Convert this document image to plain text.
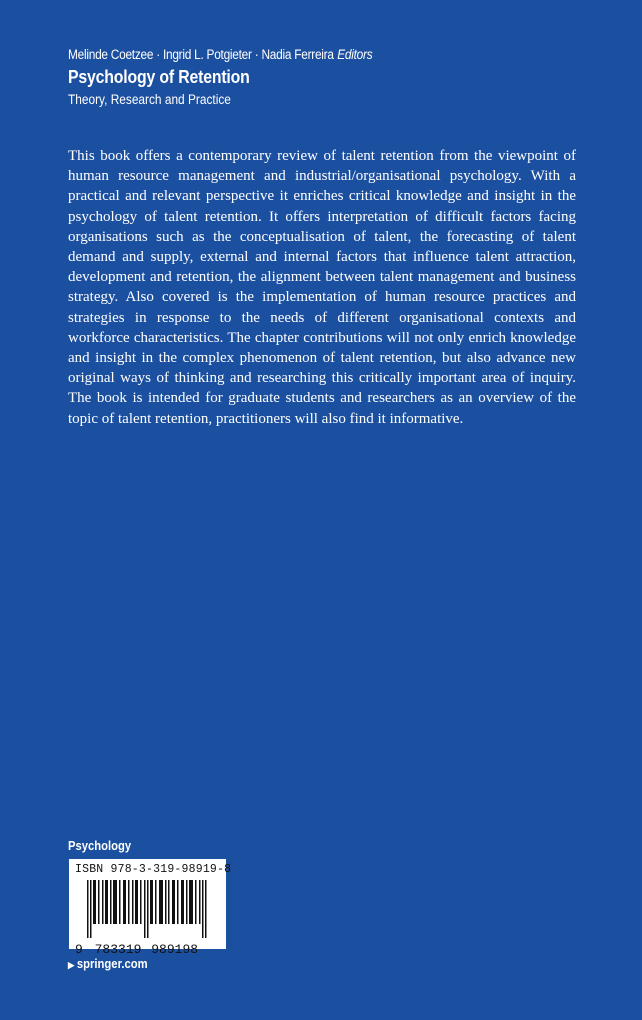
Melinde Coetzee · Ingrid L. Potgieter · Nadia Ferreira Editors
Psychology of Retention
Theory, Research and Practice
This book offers a contemporary review of talent retention from the viewpoint of human resource management and industrial/organisational psychology. With a practical and relevant perspective it enriches critical knowledge and insight in the psychology of talent retention. It offers interpretation of difficult factors facing organisations such as the conceptualisation of talent, the forecasting of talent demand and supply, external and internal factors that influence talent attraction, development and retention, the alignment between talent management and business strategy. Also covered is the implementation of human resource practices and strategies in response to the needs of different organisational contexts and workforce characteristics. The chapter contributions will not only enrich knowledge and insight in the complex phenomenon of talent retention, but also advance new original ways of thinking and researching this critically important area of inquiry. The book is intended for graduate students and researchers as an overview of the topic of talent retention, practitioners will also find it informative.
Psychology
ISBN 978-3-319-98919-8
9 783319 989198
▶ springer.com
